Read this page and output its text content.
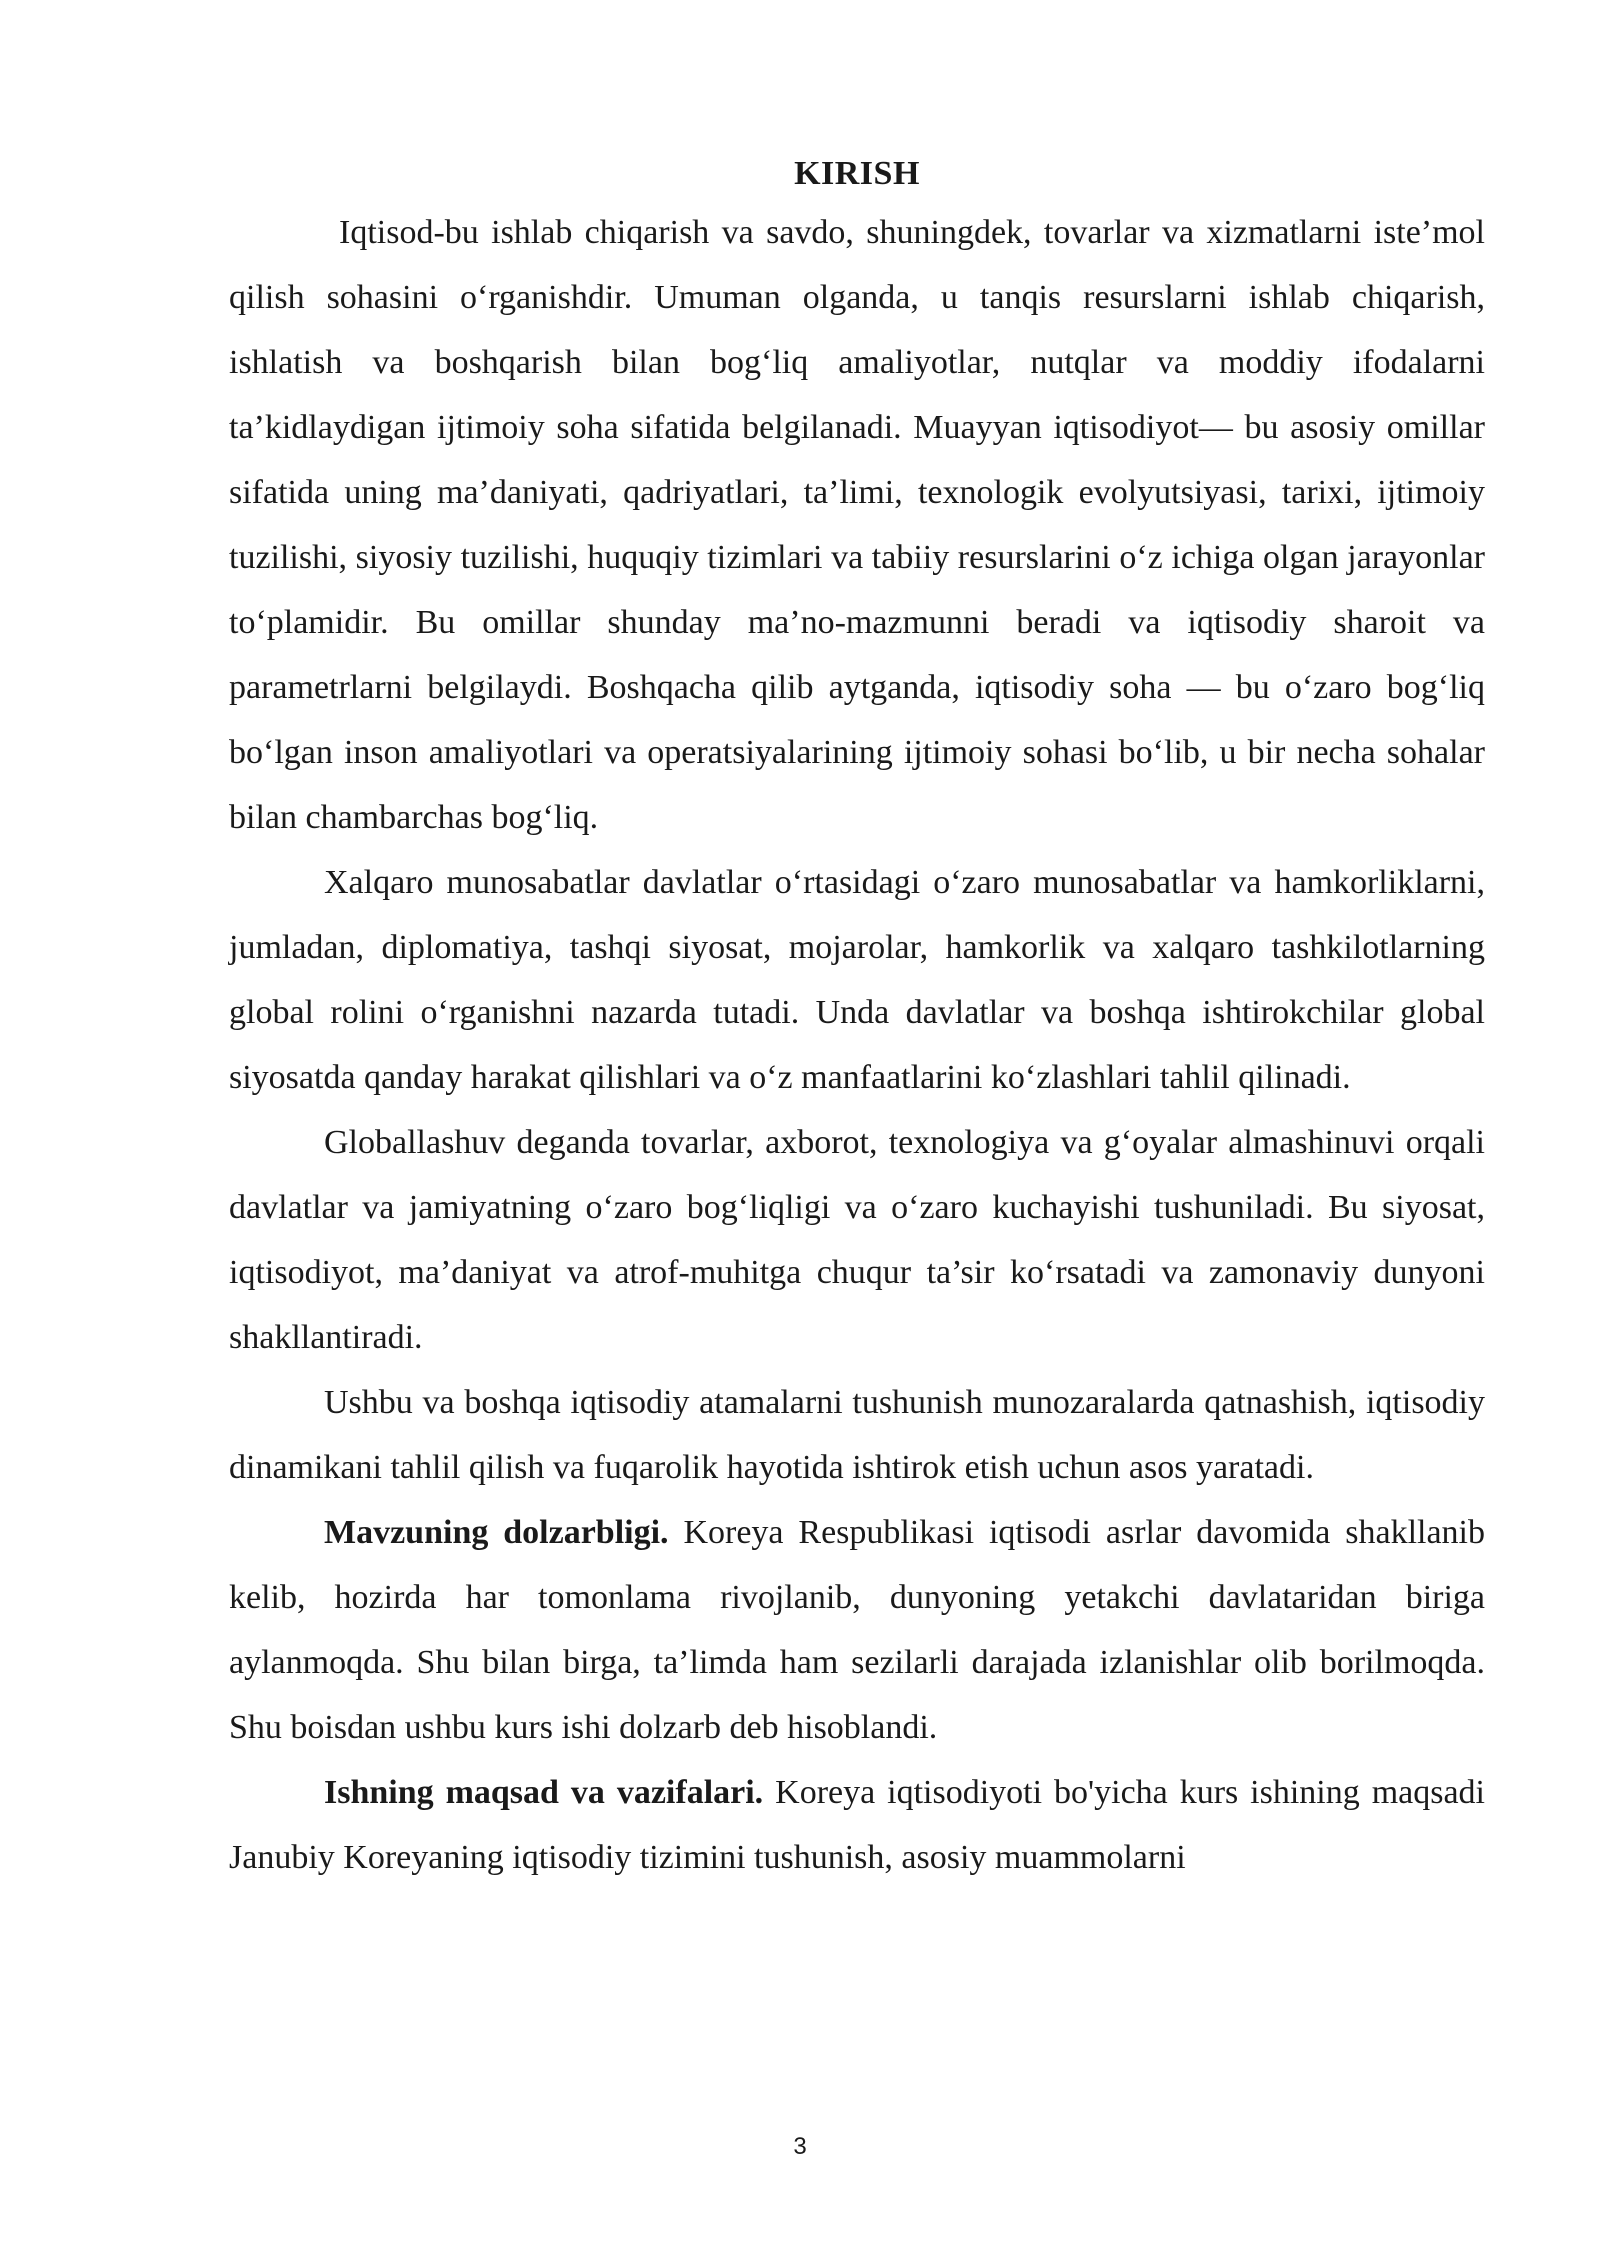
KIRISH

Iqtisod-bu ishlab chiqarish va savdo, shuningdek, tovarlar va xizmatlarni iste’mol qilish sohasini o‘rganishdir. Umuman olganda, u tanqis resurslarni ishlab chiqarish, ishlatish va boshqarish bilan bog‘liq amaliyotlar, nutqlar va moddiy ifodalarni ta’kidlaydigan ijtimoiy soha sifatida belgilanadi. Muayyan iqtisodiyot— bu asosiy omillar sifatida uning ma’daniyati, qadriyatlari, ta’limi, texnologik evolyutsiyasi, tarixi, ijtimoiy tuzilishi, siyosiy tuzilishi, huquqiy tizimlari va tabiiy resurslarini o‘z ichiga olgan jarayonlar to‘plamidir. Bu omillar shunday ma’no-mazmunni beradi va iqtisodiy sharoit va parametrlarni belgilaydi. Boshqacha qilib aytganda, iqtisodiy soha — bu o‘zaro bog‘liq bo‘lgan inson amaliyotlari va operatsiyalarining ijtimoiy sohasi bo‘lib, u bir necha sohalar bilan chambarchas bog‘liq.

Xalqaro munosabatlar davlatlar o‘rtasidagi o‘zaro munosabatlar va hamkorliklarni, jumladan, diplomatiya, tashqi siyosat, mojarolar, hamkorlik va xalqaro tashkilotlarning global rolini o‘rganishni nazarda tutadi. Unda davlatlar va boshqa ishtirokchilar global siyosatda qanday harakat qilishlari va o‘z manfaatlarini ko‘zlashlari tahlil qilinadi.

Globallashuv deganda tovarlar, axborot, texnologiya va g‘oyalar almashinuvi orqali davlatlar va jamiyatning o‘zaro bog‘liqligi va o‘zaro kuchayishi tushuniladi. Bu siyosat, iqtisodiyot, ma’daniyat va atrof-muhitga chuqur ta’sir ko‘rsatadi va zamonaviy dunyoni shakllantiradi.

Ushbu va boshqa iqtisodiy atamalarni tushunish munozaralarda qatnashish, iqtisodiy dinamikani tahlil qilish va fuqarolik hayotida ishtirok etish uchun asos yaratadi.

Mavzuning dolzarbligi. Koreya Respublikasi iqtisodi asrlar davomida shakllanib kelib, hozirda har tomonlama rivojlanib, dunyoning yetakchi davlataridan biriga aylanmoqda. Shu bilan birga, ta’limda ham sezilarli darajada izlanishlar olib borilmoqda. Shu boisdan ushbu kurs ishi dolzarb deb hisoblandi.

Ishning maqsad va vazifalari. Koreya iqtisodiyoti bo'yicha kurs ishining maqsadi Janubiy Koreyaning iqtisodiy tizimini tushunish, asosiy muammolarni

3
